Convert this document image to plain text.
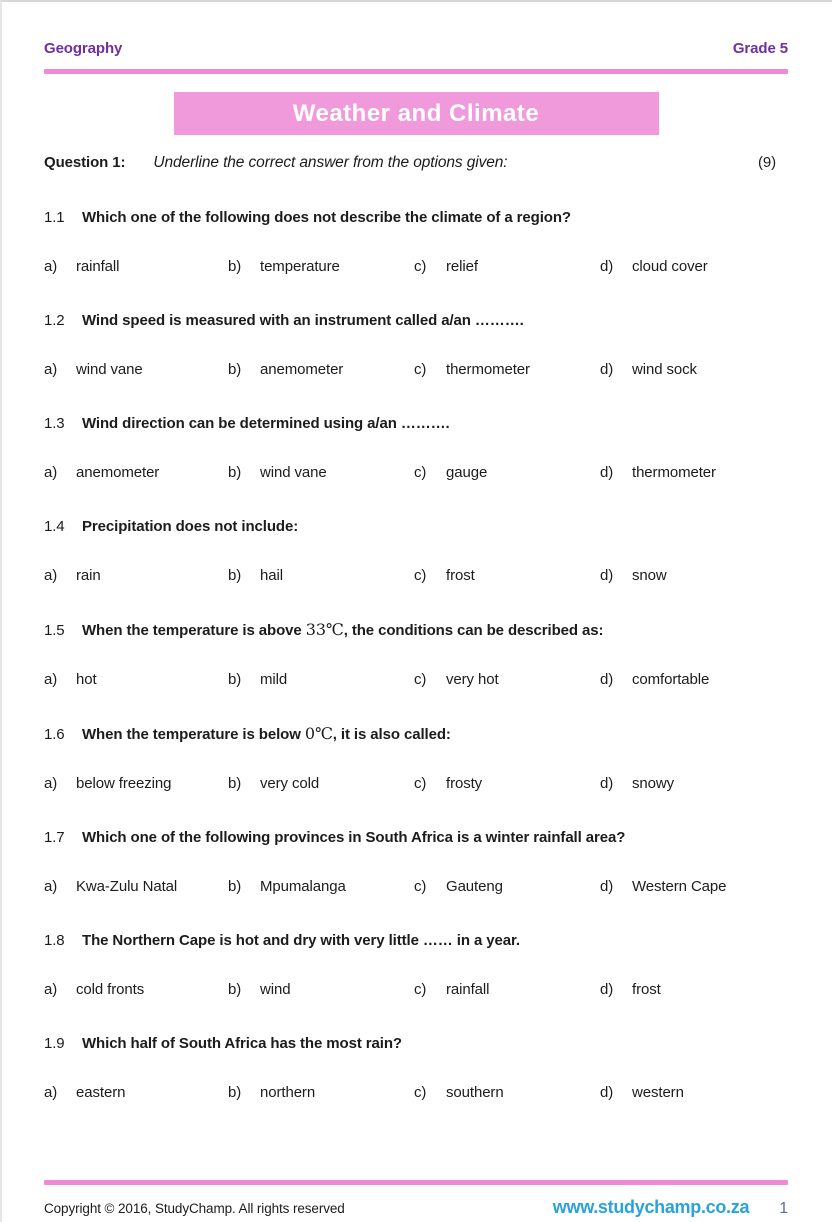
Geography	Grade 5
Weather and Climate
Question 1: Underline the correct answer from the options given:	(9)
1.1	Which one of the following does not describe the climate of a region?
a)	rainfall	b)	temperature	c)	relief	d)	cloud cover
1.2	Wind speed is measured with an instrument called a/an ……….
a)	wind vane	b)	anemometer	c)	thermometer	d)	wind sock
1.3	Wind direction can be determined using a/an ……….
a)	anemometer	b)	wind vane	c)	gauge	d)	thermometer
1.4	Precipitation does not include:
a)	rain	b)	hail	c)	frost	d)	snow
1.5	When the temperature is above 33℃, the conditions can be described as:
a)	hot	b)	mild	c)	very hot	d)	comfortable
1.6	When the temperature is below 0℃, it is also called:
a)	below freezing	b)	very cold	c)	frosty	d)	snowy
1.7	Which one of the following provinces in South Africa is a winter rainfall area?
a)	Kwa-Zulu Natal	b)	Mpumalanga	c)	Gauteng	d)	Western Cape
1.8	The Northern Cape is hot and dry with very little …… in a year.
a)	cold fronts	b)	wind	c)	rainfall	d)	frost
1.9	Which half of South Africa has the most rain?
a)	eastern	b)	northern	c)	southern	d)	western
Copyright © 2016, StudyChamp. All rights reserved	www.studychamp.co.za 1
